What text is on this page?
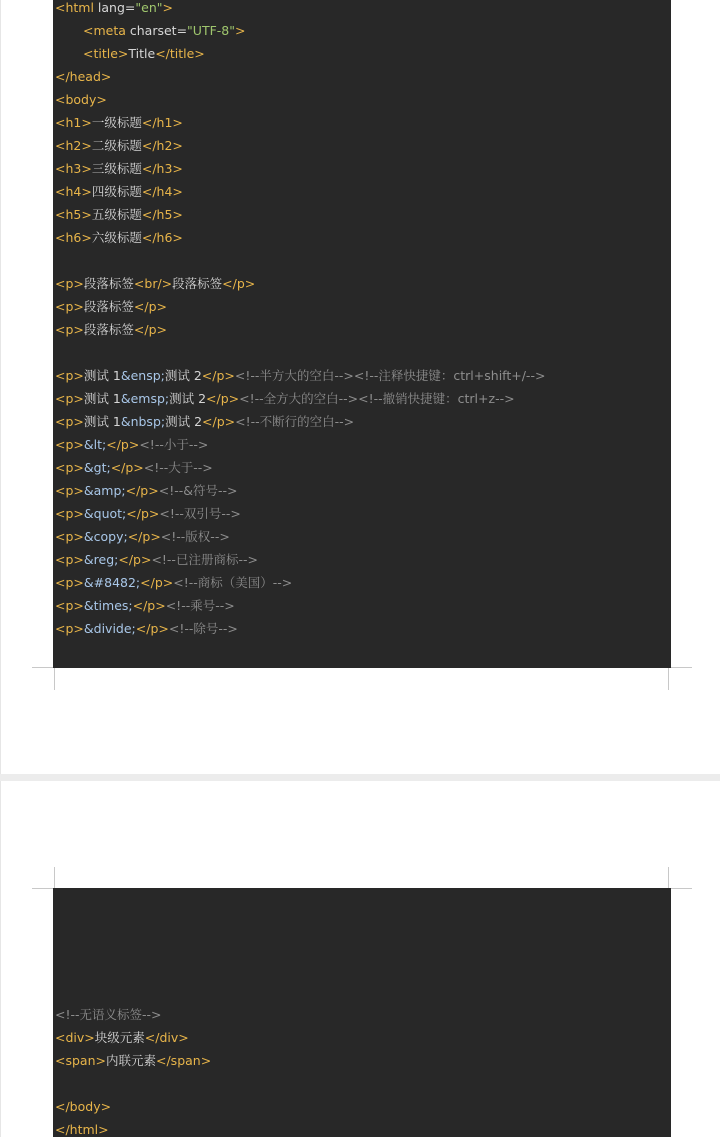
<html lang="en">
<meta charset="UTF-8">
<title>Title</title>
</head>
<body>
<h1>一级标题</h1>
<h2>二级标题</h2>
<h3>三级标题</h3>
<h4>四级标题</h4>
<h5>五级标题</h5>
<h6>六级标题</h6>
<p>段落标签<br/>段落标签</p>
<p>段落标签</p>
<p>段落标签</p>
<p>测试 1&ensp;测试 2</p><!--半方大的空白--><!--注释快捷键：ctrl+shift+/-->
<p>测试 1&emsp;测试 2</p><!--全方大的空白--><!--撤销快捷键：ctrl+z-->
<p>测试 1&nbsp;测试 2</p><!--不断行的空白-->
<p>&lt;</p><!--小于-->
<p>&gt;</p><!--大于-->
<p>&amp;</p><!--&符号-->
<p>&quot;</p><!--双引号-->
<p>&copy;</p><!--版权-->
<p>&reg;</p><!--已注册商标-->
<p>&#8482;</p><!--商标（美国）-->
<p>&times;</p><!--乘号-->
<p>&divide;</p><!--除号-->
<!--无语义标签-->
<div>块级元素</div>
<span>内联元素</span>
</body>
</html>
